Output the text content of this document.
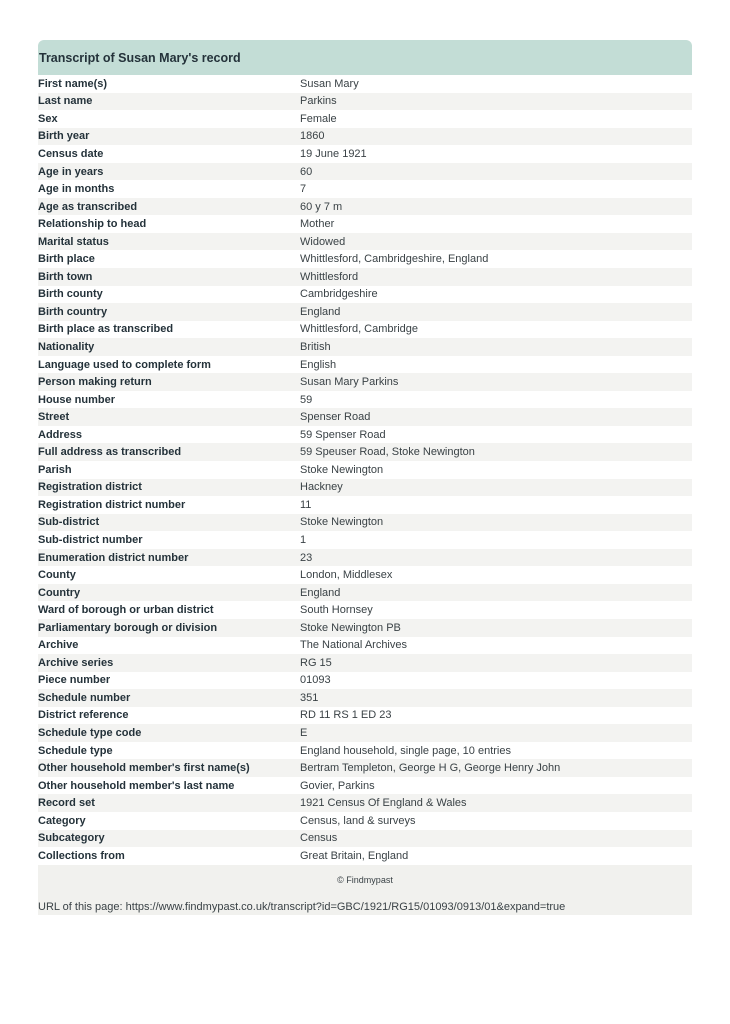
Transcript of Susan Mary's record
First name(s)	Susan Mary
Last name	Parkins
Sex	Female
Birth year	1860
Census date	19 June 1921
Age in years	60
Age in months	7
Age as transcribed	60 y 7 m
Relationship to head	Mother
Marital status	Widowed
Birth place	Whittlesford, Cambridgeshire, England
Birth town	Whittlesford
Birth county	Cambridgeshire
Birth country	England
Birth place as transcribed	Whittlesford, Cambridge
Nationality	British
Language used to complete form	English
Person making return	Susan Mary Parkins
House number	59
Street	Spenser Road
Address	59 Spenser Road
Full address as transcribed	59 Speuser Road, Stoke Newington
Parish	Stoke Newington
Registration district	Hackney
Registration district number	11
Sub-district	Stoke Newington
Sub-district number	1
Enumeration district number	23
County	London, Middlesex
Country	England
Ward of borough or urban district	South Hornsey
Parliamentary borough or division	Stoke Newington PB
Archive	The National Archives
Archive series	RG 15
Piece number	01093
Schedule number	351
District reference	RD 11 RS 1 ED 23
Schedule type code	E
Schedule type	England household, single page, 10 entries
Other household member's first name(s)	Bertram Templeton, George H G, George Henry John
Other household member's last name	Govier, Parkins
Record set	1921 Census Of England & Wales
Category	Census, land & surveys
Subcategory	Census
Collections from	Great Britain, England
© Findmypast
URL of this page: https://www.findmypast.co.uk/transcript?id=GBC/1921/RG15/01093/0913/01&expand=true
